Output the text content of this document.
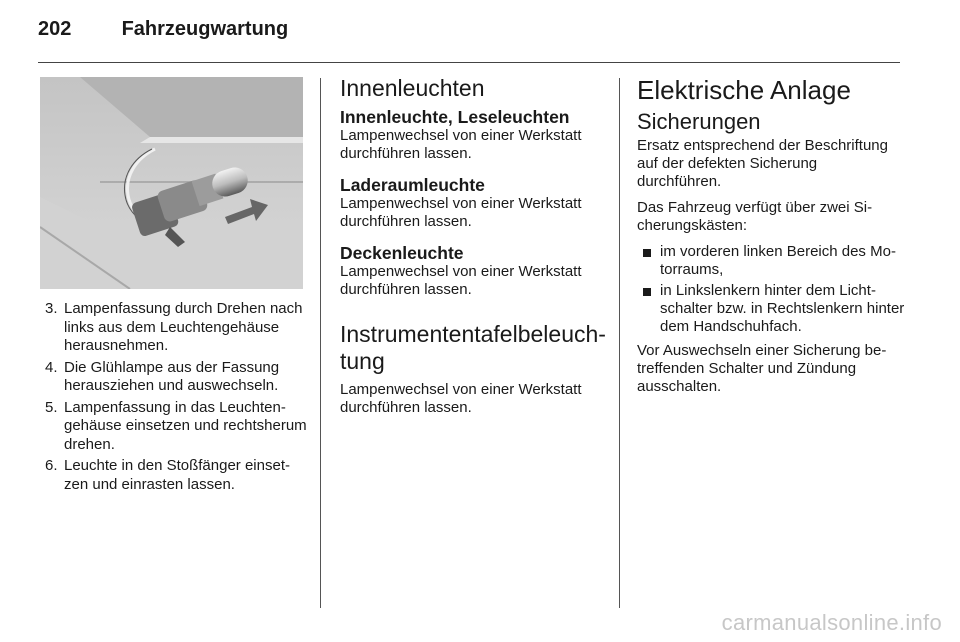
202	Fahrzeugwartung
3. Lampenfassung durch Drehen nach links aus dem Leuchtengehäuse herausnehmen.
4. Die Glühlampe aus der Fassung herausziehen und auswechseln.
5. Lampenfassung in das Leuchtengehäuse einsetzen und rechtsherum drehen.
6. Leuchte in den Stoßfänger einsetzen und einrasten lassen.
Innenleuchten
Innenleuchte, Leseleuchten

Lampenwechsel von einer Werkstatt durchführen lassen.

Laderaumleuchte

Lampenwechsel von einer Werkstatt durchführen lassen.

Deckenleuchte

Lampenwechsel von einer Werkstatt durchführen lassen.

Instrumententafelbeleuchtung

Lampenwechsel von einer Werkstatt durchführen lassen.

Elektrische Anlage
Sicherungen

Ersatz entsprechend der Beschriftung auf der defekten Sicherung durchführen.

Das Fahrzeug verfügt über zwei Sicherungskästen:

im vorderen linken Bereich des Motorraums,
in Linkslenkern hinter dem Lichtschalter bzw. in Rechtslenkern hinter dem Handschuhfach.

Vor Auswechseln einer Sicherung betreffenden Schalter und Zündung ausschalten.

carmanualsonline.info
